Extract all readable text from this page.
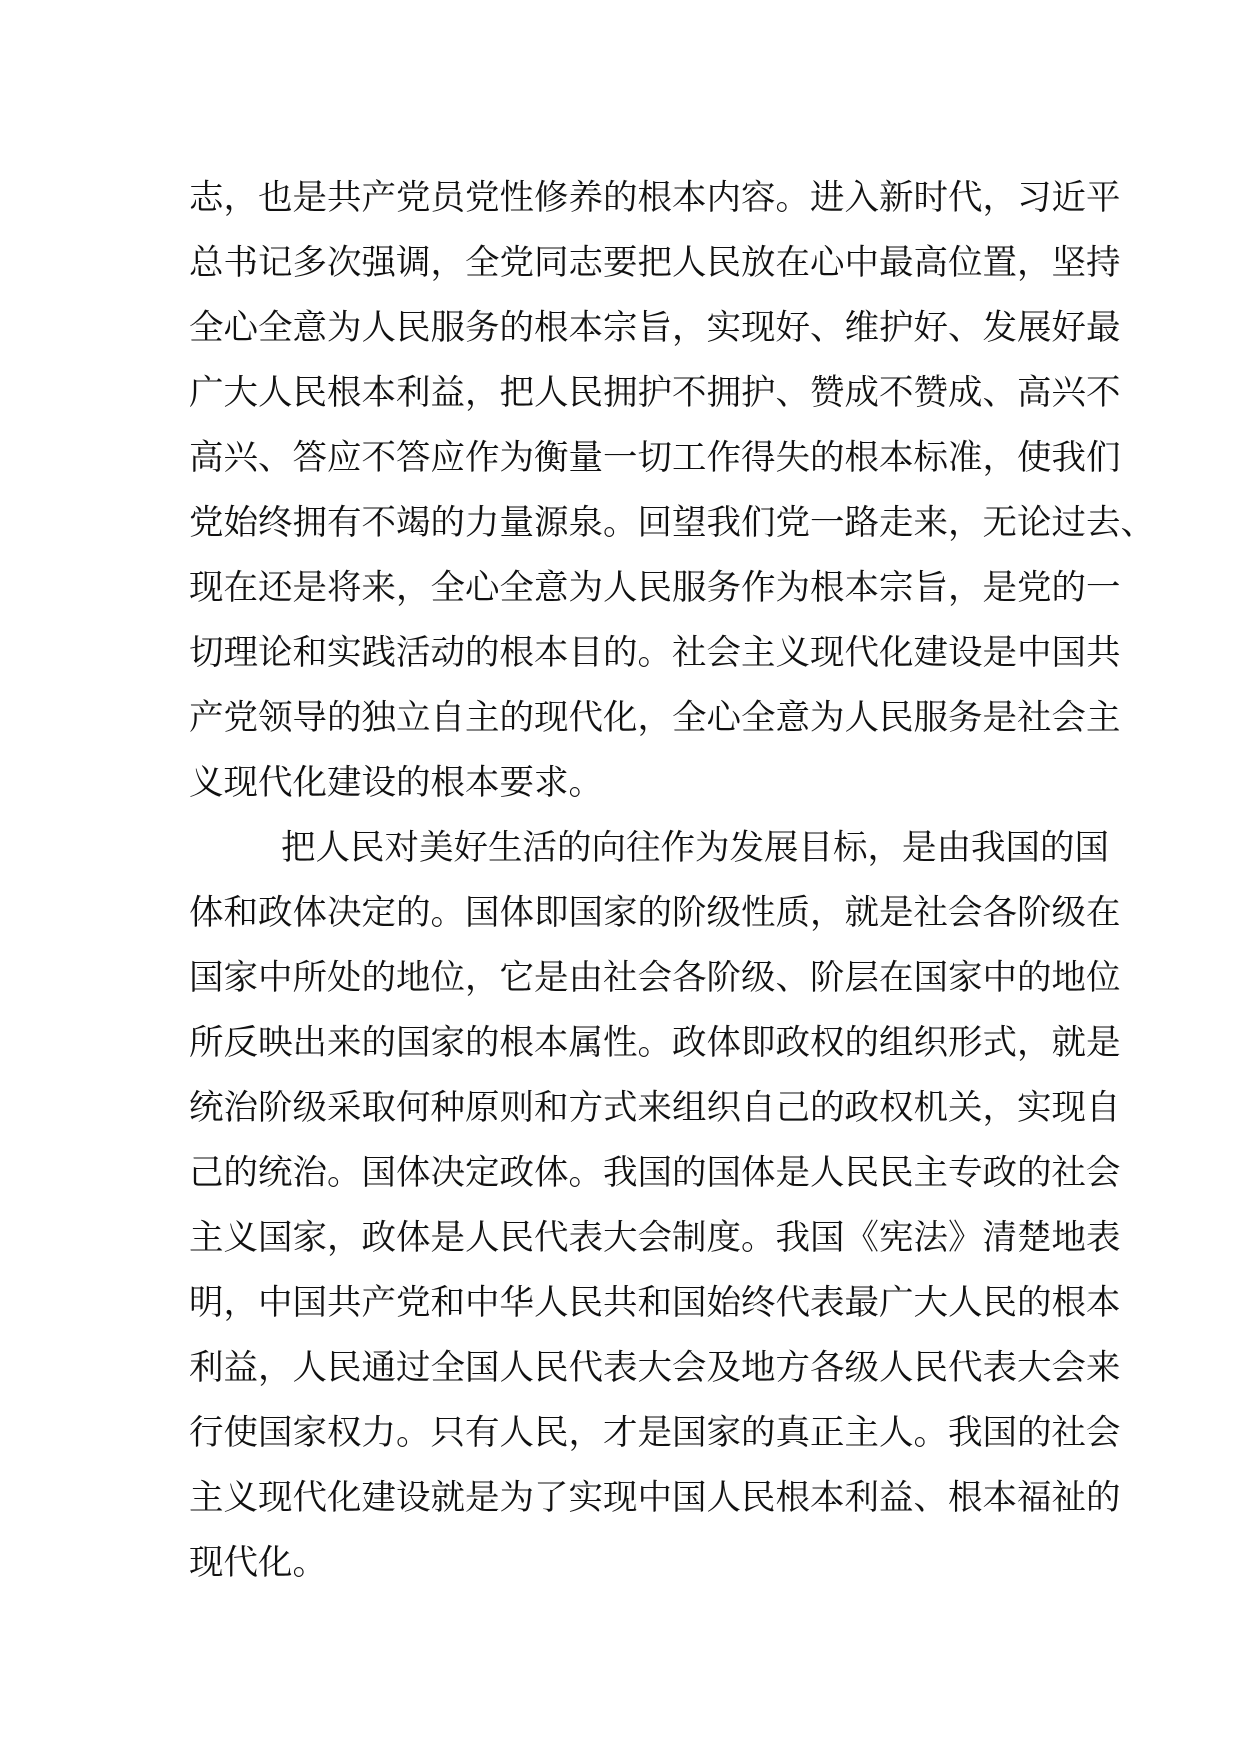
志，也是共产党员党性修养的根本内容。进入新时代，习近平
总书记多次强调，全党同志要把人民放在心中最高位置，坚持
全心全意为人民服务的根本宗旨，实现好、维护好、发展好最
广大人民根本利益，把人民拥护不拥护、赞成不赞成、高兴不
高兴、答应不答应作为衡量一切工作得失的根本标准，使我们
党始终拥有不竭的力量源泉。回望我们党一路走来，无论过去、
现在还是将来，全心全意为人民服务作为根本宗旨，是党的一
切理论和实践活动的根本目的。社会主义现代化建设是中国共
产党领导的独立自主的现代化，全心全意为人民服务是社会主
义现代化建设的根本要求。
把人民对美好生活的向往作为发展目标，是由我国的国
体和政体决定的。国体即国家的阶级性质，就是社会各阶级在
国家中所处的地位，它是由社会各阶级、阶层在国家中的地位
所反映出来的国家的根本属性。政体即政权的组织形式，就是
统治阶级采取何种原则和方式来组织自己的政权机关，实现自
己的统治。国体决定政体。我国的国体是人民民主专政的社会
主义国家，政体是人民代表大会制度。我国《宪法》清楚地表
明，中国共产党和中华人民共和国始终代表最广大人民的根本
利益，人民通过全国人民代表大会及地方各级人民代表大会来
行使国家权力。只有人民，才是国家的真正主人。我国的社会
主义现代化建设就是为了实现中国人民根本利益、根本福祉的
现代化。
